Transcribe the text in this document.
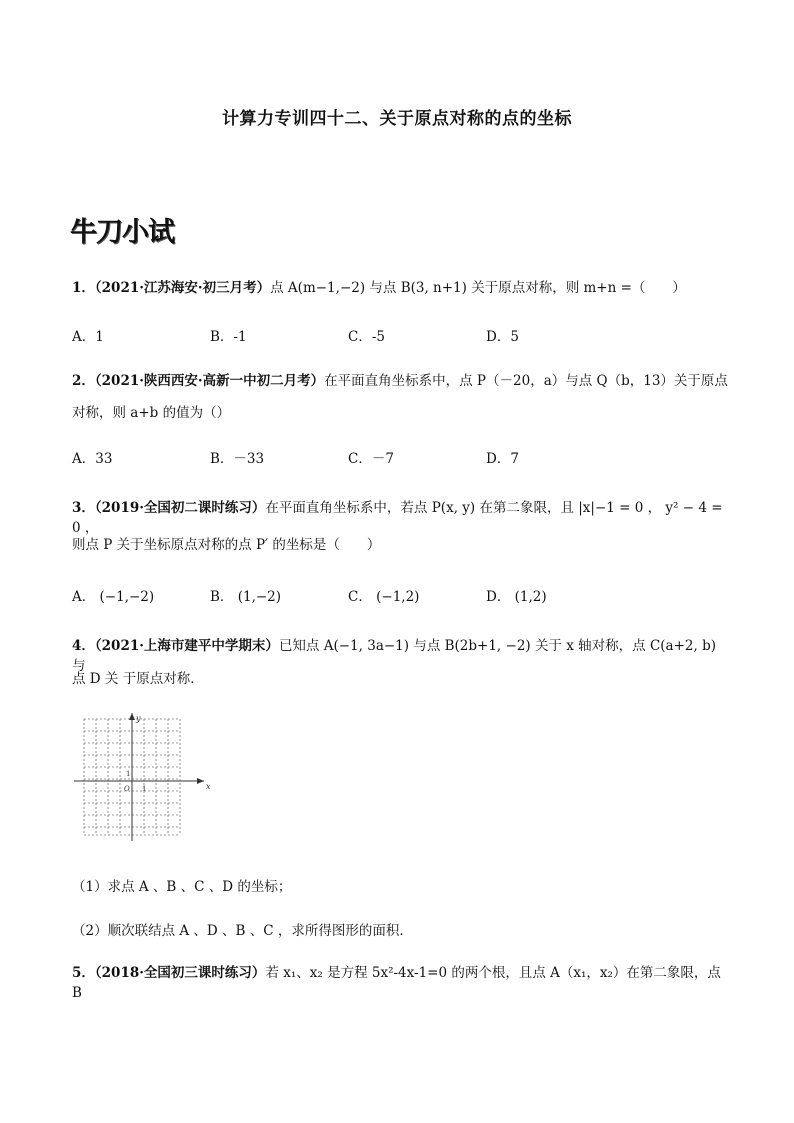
计算力专训四十二、关于原点对称的点的坐标
牛刀小试
1．（2021·江苏海安·初三月考）点 A(m−1,−2) 与点 B(3, n+1) 关于原点对称，则 m+n =（　　）
A．1	B．-1	C．-5	D．5
2．（2021·陕西西安·高新一中初二月考）在平面直角坐标系中，点 P（－20，a）与点 Q（b，13）关于原点
对称，则 a+b 的值为（）
A．33	B．－33	C．－7	D．7
3．（2019·全国初二课时练习）在平面直角坐标系中，若点 P(x, y) 在第二象限，且 |x|−1 = 0 ， y² − 4 = 0 ，
则点 P 关于坐标原点对称的点 P′ 的坐标是（　　）
A． (−1,−2)	B． (1,−2)	C． (−1,2)	D． (1,2)
4．（2021·上海市建平中学期末）已知点 A(−1, 3a−1) 与点 B(2b+1, −2) 关于 x 轴对称，点 C(a+2, b) 与
点 D 关 于原点对称．
x
y
O 1
1
（1）求点 A 、B 、C 、D 的坐标；
（2）顺次联结点 A 、D 、B 、C ，求所得图形的面积．
5．（2018·全国初三课时练习）若 x₁、x₂ 是方程 5x²-4x-1=0 的两个根，且点 A（x₁，x₂）在第二象限，点 B
